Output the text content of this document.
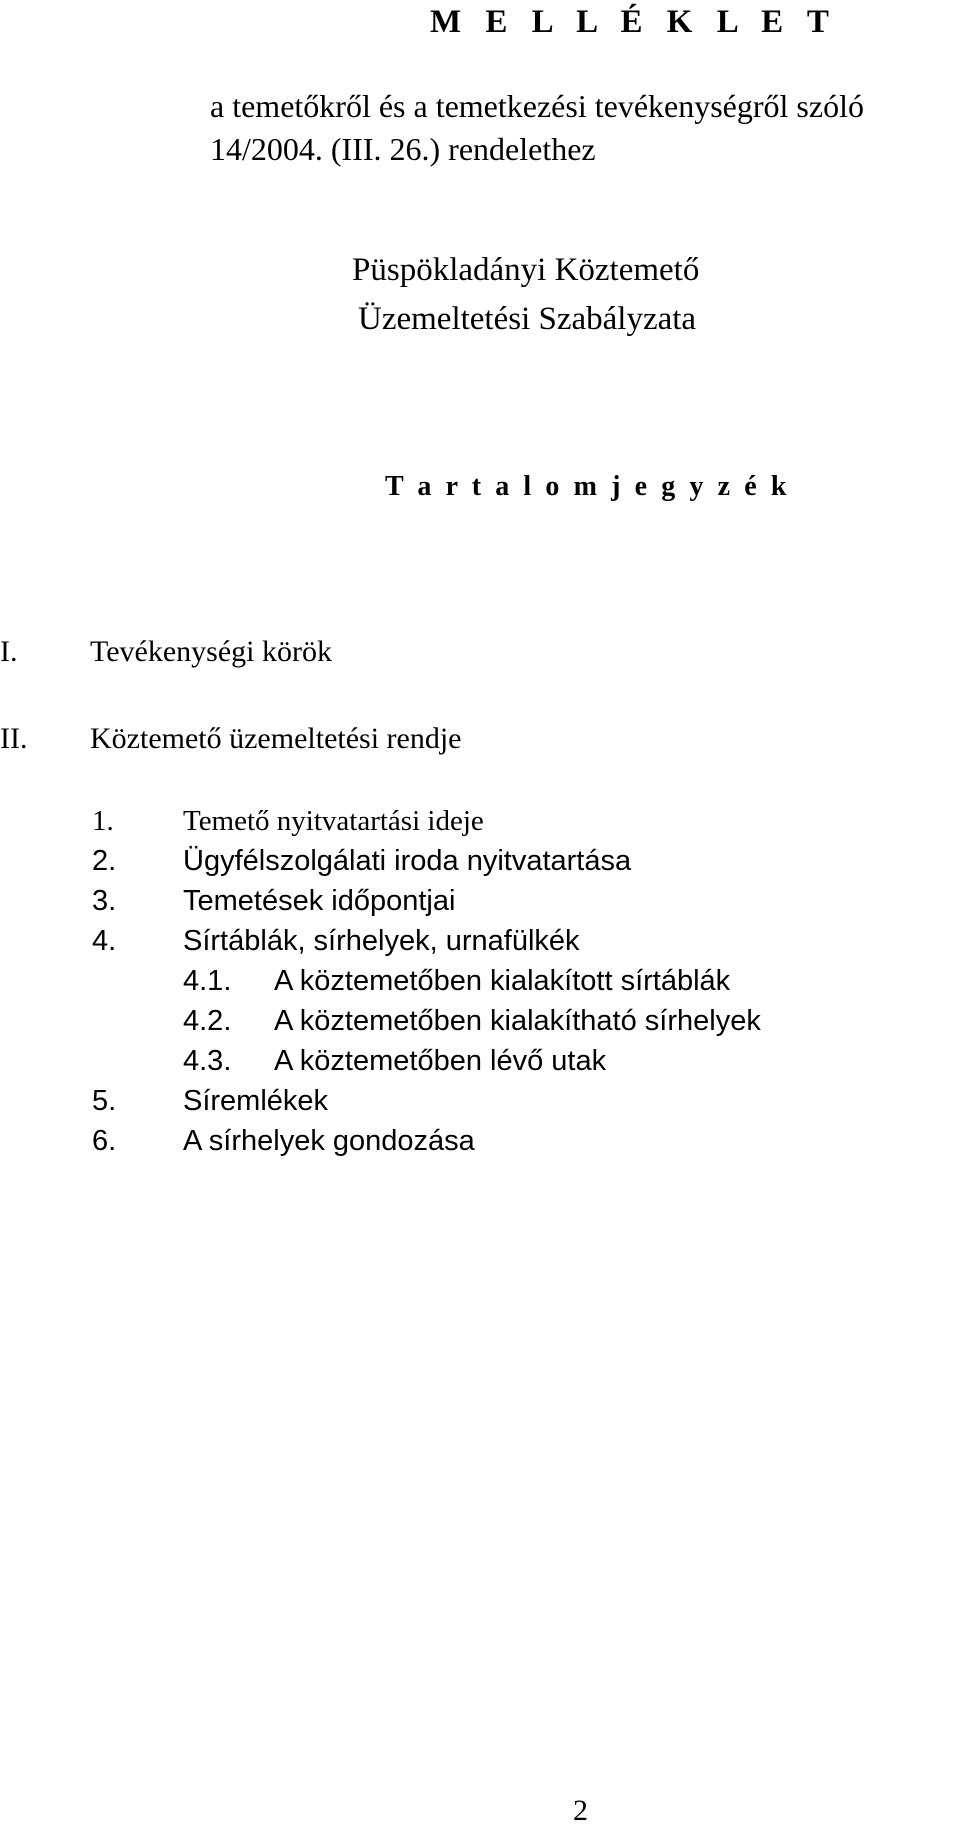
M E L L É K L E T
a temetőkről és a temetkezési tevékenységről szóló
14/2004. (III. 26.) rendelethez
Püspökladányi Köztemető
Üzemeltetési Szabályzata
T a r t a l o m j e g y z é k
I. Tevékenységi körök
II. Köztemető üzemeltetési rendje
1. Temető nyitvatartási ideje
2. Ügyfélszolgálati iroda nyitvatartása
3. Temetések időpontjai
4. Sírtáblák, sírhelyek, urnafülkék
4.1. A köztemetőben kialakított sírtáblák
4.2. A köztemetőben kialakítható sírhelyek
4.3. A köztemetőben lévő utak
5. Síremlékek
6. A sírhelyek gondozása
2
